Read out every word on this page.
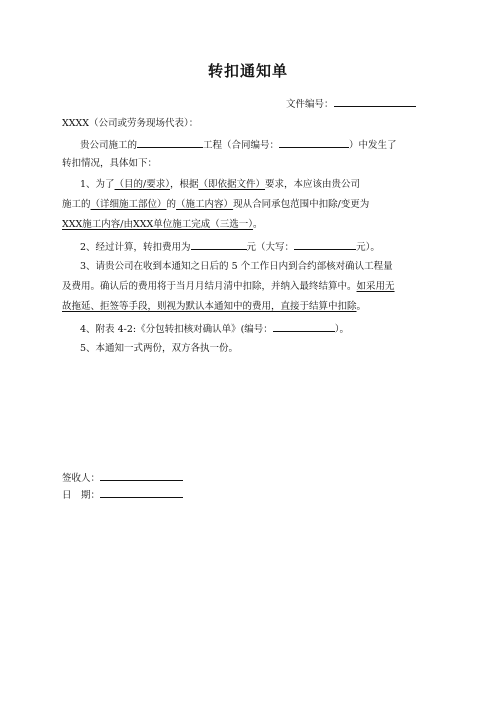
转扣通知单
文件编号：
XXXX（公司或劳务现场代表）：
贵公司施工的	工程（合同编号：	）中发生了
转扣情况，具体如下：
1、为了（目的/要求），根据（即依据文件）要求，本应该由贵公司
施工的（详细施工部位）的（施工内容）现从合同承包范围中扣除/变更为
XXX施工内容/由XXX单位施工完成（三选一）。
2、经过计算，转扣费用为	元（大写：	元）。
3、请贵公司在收到本通知之日后的 5 个工作日内到合约部核对确认工程量
及费用。确认后的费用将于当月月结月清中扣除，并纳入最终结算中。如采用无
故拖延、拒签等手段，则视为默认本通知中的费用，直接于结算中扣除。
4、附表 4-2:《分包转扣核对确认单》(编号：	）。
5、本通知一式两份，双方各执一份。
签收人：
日　期：
